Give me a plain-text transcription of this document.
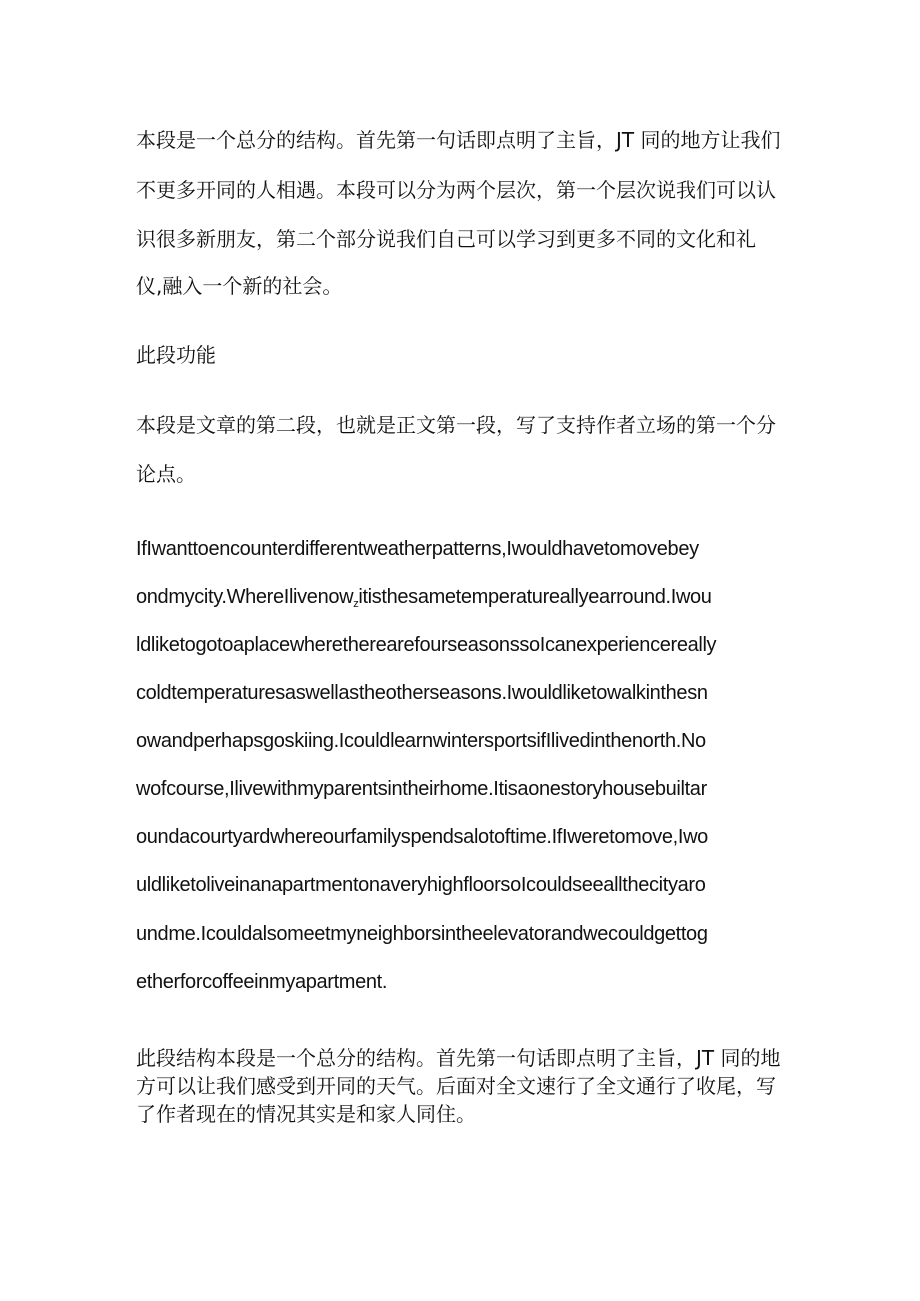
本段是一个总分的结构。首先第一句话即点明了主旨，JT 同的地方让我们

不更多开同的人相遇。本段可以分为两个层次，第一个层次说我们可以认

识很多新朋友，第二个部分说我们自己可以学习到更多不同的文化和礼

仪,融入一个新的社会。

此段功能

本段是文章的第二段，也就是正文第一段，写了支持作者立场的第一个分

论点。

IfIwanttoencounterdifferentweatherpatterns,Iwouldhavetomovebey

ondmycity.WhereIlivenow$_z$itisthesametemperatureallyearround.Iwou

ldliketogotoaplacewheretherearefourseasonssoIcanexperiencereally

coldtemperaturesaswellastheotherseasons.Iwouldliketowalkinthesn

owandperhapsgoskiing.IcouldlearnwintersportsifIlivedinthenorth.No

wofcourse,Ilivewithmyparentsintheirhome.Itisaonestoryhousebuiltar

oundacourtyardwhereourfamilyspendsalotoftime.IfIweretomove,Iwo

uldliketoliveinanapartmentonaveryhighfloorsoIcouldseeallthecityaro

undme.Icouldalsomeetmyneighborsintheelevatorandwecouldgettog

etherforcoffeeinmyapartment.

此段结构本段是一个总分的结构。首先第一句话即点明了主旨，JT 同的地

方可以让我们感受到开同的天气。后面对全文速行了全文通行了收尾，写

了作者现在的情况其实是和家人同住。
